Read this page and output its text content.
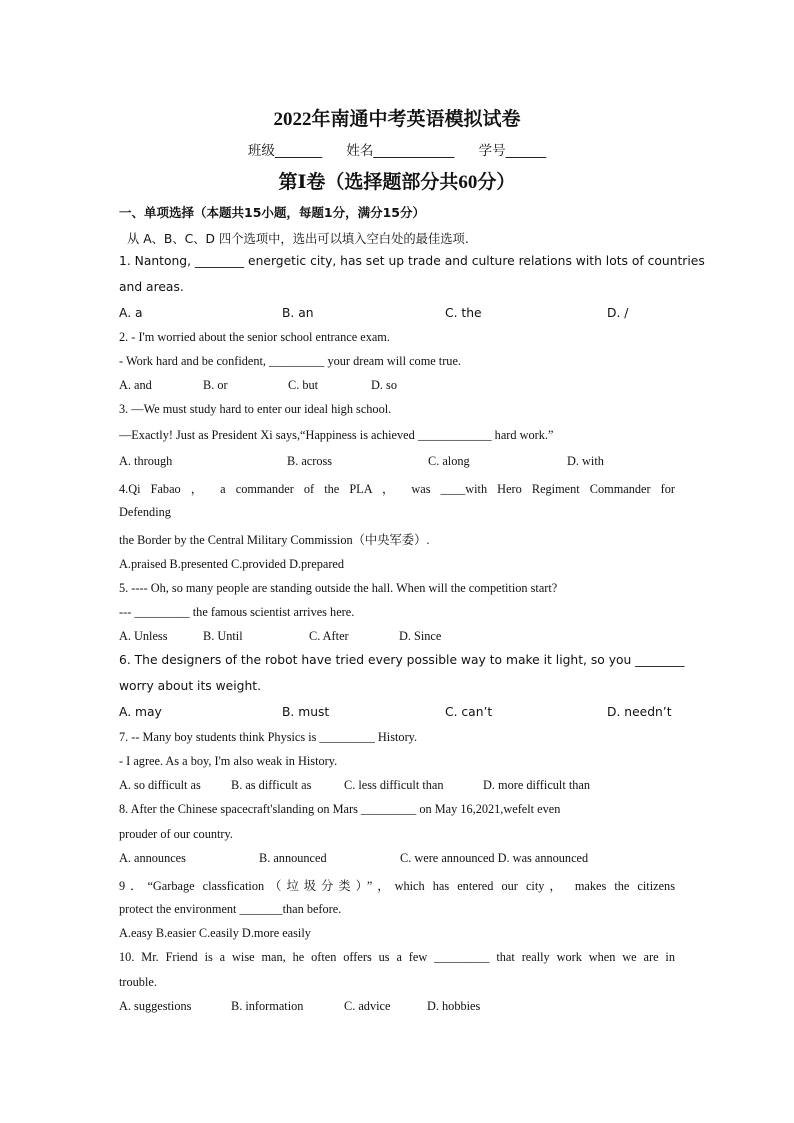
2022年南通中考英语模拟试卷
班级_______ 姓名____________ 学号______
第Ⅰ卷（选择题部分共60分）
一、单项选择（本题共15小题，每题1分，满分15分）
从 A、B、C、D 四个选项中，选出可以填入空白处的最佳选项.
1. Nantong, ________ energetic city, has set up trade and culture relations with lots of countries
and areas.
A. a	B. an	C. the	D. /
2. - I'm worried about the senior school entrance exam.
- Work hard and be confident, _________ your dream will come true.
A. and	B. or	C. but	D. so
3. —We must study hard to enter our ideal high school.
—Exactly! Just as President Xi says,“Happiness is achieved ____________ hard work.”
A. through	B. across	C. along	D. with
4.Qi Fabao ， a commander of the PLA ， was ____with Hero Regiment Commander for
Defending
the Border by the Central Military Commission（中央军委）.
A.praised B.presented C.provided D.prepared
5. ---- Oh, so many people are standing outside the hall. When will the competition start?
--- _________ the famous scientist arrives here.
A. Unless	B. Until	C. After	D. Since
6. The designers of the robot have tried every possible way to make it light, so you ________
worry about its weight.
A. may	B. must	C. can’t	D. needn’t
7. -- Many boy students think Physics is _________ History.
- I agree. As a boy, I'm also weak in History.
A. so difficult as B. as difficult as	C. less difficult than	D. more difficult than
8. After the Chinese spacecraft'slanding on Mars _________ on May 16,2021,wefelt even
prouder of our country.
A. announces	B. announced	C. were announced D. was announced
9．“Garbage classfication（垃圾分类）”，which has entered our city， makes the citizens
protect the environment _______than before.
A.easy B.easier C.easily D.more easily
10. Mr. Friend is a wise man, he often offers us a few _________ that really work when we are in
trouble.
A. suggestions	B. information	C. advice	D. hobbies
